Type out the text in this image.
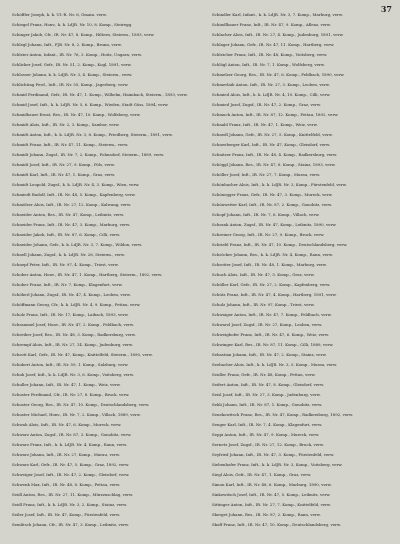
37

Schöffler Joseph, k. k. Ul.-R. Nr. 6, Gmain. verw.

Schiegel Franz, Honv., k. k. LdJR. Nr. 10, 8. Komp., Steiregg.

Schinger Jakob, Cfr., IR. Nr. 47, 8. Komp., Hiltern, Steierm., 1893, verw.

Schlegl Johann, Inft., FJB. Nr. 8, 2. Komp., Brunn, verw.

Schleier Anton, Infant., IR. Nr. 76, 3. Komp., Hoitz, Ungarn, verw.

Schlicker Josef, Gefr., IR. Nr. 51, 2. Komp., Kogl, 1891, verw.

Schlosser Johann, k. k. LdJR. Nr. 3, 4. Komp., Steierm., verw.

Schlichting Ferd., Inft., IR. Nr. 55, Komp., Jagerberg, verw.

Schmid Ferdinand, Gefr., IR. Nr. 47, 1. Komp., Wilhelm, Haimbach, Steierm., 1893, verw.

Schmid Josef, Inft., k. k. LdJR. Nr. 5, 6. Komp., Wieden, Stadt Göss, 1894, verw.

Schmidbauer Ernst, Res., IR. Nr. 47, 10. Komp., Wolfsberg, verw.

Schmidt Alois, Inft., IR. Nr. 2, 3. Komp., Sambor, verw.

Schmidt Anton, Inft., k. k. LdJR. Nr. 3, 8. Komp., Friedberg, Steierm., 1891, verw.

Schmidt Franz, Inft., IR. Nr. 47, 11. Komp., Steierm., verw.

Schmidt Johann, Zugsf., IR. Nr. 7, 2. Komp., Fohnsdorf, Steierm., 1889, verw.

Schmidt Josef, Inft., IR. Nr. 27, 9. Komp., Pöls, verw.

Schmidt Karl, Inft., IR. Nr. 47, 1. Komp., Graz, verw.

Schmidt Leopold, Zugsf., k. k. LdJR. Nr. 4, 3. Komp., Wien, verw.

Schmiedt Rudolf, Inft., IR. Nr. 48, 5. Komp., Kapfenberg, verw.

Schmölzer Alois, Inft., IR. Nr. 27, 12. Komp., Kalwang, verw.

Schneider Anton, Res., IR. Nr. 47, Komp., Leibnitz, verw.

Schneider Franz, Inft., IR. Nr. 47, 3. Komp., Marburg, verw.

Schneider Jakob, Inft., IR. Nr. 87, 6. Komp., Cilli, verw.

Schneider Johann, Gefr., k. k. LdJR. Nr. 3, 7. Komp., Wildon, verw.

Schnell Johann, Zugsf., k. k. LdJR. Nr. 26, Steierm., verw.

Schnepf Peter, Inft., IR. Nr. 97, 4. Komp., Triest, verw.

Schober Anton, Honv., IR. Nr. 47, 1. Komp., Hartberg, Steierm., 1892, verw.

Schober Franz, Inft., IR. Nr. 7, Komp., Klagenfurt, verw.

Schöberl Johann, Zugsf., IR. Nr. 47, 4. Komp., Leoben, verw.

Schöffmann Georg, Cfr., k. k. LdJR. Nr. 4, 9. Komp., Pettau, verw.

Scholz Franz, Inft., IR. Nr. 17, Komp., Laibach, 1893, verw.

Schrammel Josef, Honv., IR. Nr. 47, 2. Komp., Feldbach, verw.

Schreiber Josef, Res., IR. Nr. 48, 3. Komp., Radkersburg, verw.

Schrempf Alois, Inft., IR. Nr. 27, 14. Komp., Judenburg, verw.

Schrott Karl, Gefr., IR. Nr. 47, Komp., Knittelfeld, Steierm., 1890, verw.

Schubert Anton, Inft., IR. Nr. 59, 1. Komp., Salzburg, verw.

Schuh Josef, Inft., k. k. LdJR. Nr. 3, 6. Komp., Voitsberg, verw.

Schuller Johann, Inft., IR. Nr. 47, 1. Komp., Weiz, verw.

Schuster Ferdinand, Cfr., IR. Nr. 27, 8. Komp., Bruck, verw.

Schuster Georg, Res., IR. Nr. 47, 10. Komp., Deutschlandsberg, verw.

Schuster Michael, Honv., IR. Nr. 7, 2. Komp., Villach, 1889, verw.

Schwab Alois, Inft., IR. Nr. 47, 6. Komp., Mureck, verw.

Schwarz Anton, Zugsf., IR. Nr. 87, 3. Komp., Gonobitz, verw.

Schwarz Franz, Inft., k. k. LdJR. Nr. 4, Komp., Rann, verw.

Schwarz Johann, Inft., IR. Nr. 27, Komp., Murau, verw.

Schwarz Karl, Gefr., IR. Nr. 47, 5. Komp., Graz, 1892, verw.

Schweiger Josef, Inft., IR. Nr. 47, 2. Komp., Gleisdorf, verw.

Schwenk Max, Inft., IR. Nr. 48, 8. Komp., Pettau, verw.

Seidl Anton, Res., IR. Nr. 27, 11. Komp., Mürzzuschlag, verw.

Seidl Franz, Inft., k. k. LdJR. Nr. 3, 2. Komp., Stainz, verw.

Seiler Josef, Inft., IR. Nr. 47, Komp., Fürstenfeld, verw.

Semlitsch Johann, Cfr., IR. Nr. 47, 3. Komp., Leibnitz, verw.

Schindler Karl, Infant., k. k. LdJR. Nr. 3, 7. Komp., Marburg, verw.

Schindlbauer Franz, Inft., IR. Nr. 47, 9. Komp., Aflenz, verw.

Schlacher Alois, Inft., IR. Nr. 27, 4. Komp., Judenburg, 1891, verw.

Schlager Johann, Gefr., IR. Nr. 47, 11. Komp., Hartberg, verw.

Schleicher Franz, Inft., IR. Nr. 48, Komp., Voitsberg, verw.

Schlögl Anton, Inft., IR. Nr. 7, 1. Komp., Wolfsberg, verw.

Schmelzer Georg, Res., IR. Nr. 47, 6. Komp., Feldbach, 1890, verw.

Schmerlaib Anton, Inft., IR. Nr. 27, 3. Komp., Leoben, verw.

Schmied Alois, Inft., k. k. LdJR. Nr. 4, 10. Komp., Cilli, verw.

Schmied Josef, Zugsf., IR. Nr. 47, 2. Komp., Graz, verw.

Schmuck Anton, Inft., IR. Nr. 87, 12. Komp., Pettau, 1892, verw.

Schnabl Franz, Inft., IR. Nr. 47, 1. Komp., Weiz, verw.

Schnedl Johann, Gefr., IR. Nr. 27, 5. Komp., Knittelfeld, verw.

Schneeberger Karl, Inft., IR. Nr. 47, Komp., Gleisdorf, verw.

Schnitzer Franz, Inft., IR. Nr. 48, 4. Komp., Radkersburg, verw.

Schöggl Johann, Res., IR. Nr. 47, 8. Komp., Stainz, 1893, verw.

Schöller Josef, Inft., IR. Nr. 27, 7. Komp., Murau, verw.

Schönbacher Alois, Inft., k. k. LdJR. Nr. 3, Komp., Fürstenfeld, verw.

Schönegger Franz, Gefr., IR. Nr. 47, 3. Komp., Mureck, verw.

Schönwetter Karl, Inft., IR. Nr. 87, 2. Komp., Gonobitz, verw.

Schopf Johann, Inft., IR. Nr. 7, 6. Komp., Villach, verw.

Schrank Anton, Zugsf., IR. Nr. 47, Komp., Leibnitz, 1890, verw.

Schreiner Georg, Inft., IR. Nr. 27, 9. Komp., Bruck, verw.

Schriebl Franz, Inft., IR. Nr. 47, 10. Komp., Deutschlandsberg, verw.

Schröcker Johann, Res., k. k. LdJR. Nr. 4, Komp., Rann, verw.

Schrotter Josef, Inft., IR. Nr. 48, 1. Komp., Marburg, verw.

Schuch Alois, Inft., IR. Nr. 47, 5. Komp., Graz, verw.

Schüller Karl, Gefr., IR. Nr. 27, 2. Komp., Kapfenberg, verw.

Schütz Franz, Inft., IR. Nr. 47, 4. Komp., Hartberg, 1891, verw.

Schulz Johann, Inft., IR. Nr. 97, Komp., Triest, verw.

Schwaiger Anton, Inft., IR. Nr. 47, 7. Komp., Feldbach, verw.

Schwarzl Josef, Zugsf., IR. Nr. 27, Komp., Leoben, verw.

Schweighofer Franz, Inft., IR. Nr. 47, 6. Komp., Weiz, verw.

Schwinger Karl, Res., IR. Nr. 87, 11. Komp., Cilli, 1889, verw.

Sebastian Johann, Inft., IR. Nr. 47, 2. Komp., Stainz, verw.

Seebacher Alois, Inft., k. k. LdJR. Nr. 3, 5. Komp., Murau, verw.

Seidler Franz, Gefr., IR. Nr. 48, Komp., Pettau, verw.

Seifert Anton, Inft., IR. Nr. 47, 8. Komp., Gleisdorf, verw.

Seisl Josef, Inft., IR. Nr. 27, 3. Komp., Judenburg, verw.

Sekli Johann, Inft., IR. Nr. 87, 1. Komp., Gonobitz, verw.

Senekowitsch Franz, Res., IR. Nr. 47, Komp., Radkersburg, 1892, verw.

Senger Karl, Inft., IR. Nr. 7, 4. Komp., Klagenfurt, verw.

Seppi Anton, Inft., IR. Nr. 47, 9. Komp., Mureck, verw.

Sernetz Josef, Zugsf., IR. Nr. 27, 12. Komp., Bruck, verw.

Seyfried Johann, Inft., IR. Nr. 47, 3. Komp., Fürstenfeld, verw.

Siebenhofer Franz, Inft., k. k. LdJR. Nr. 3, Komp., Voitsberg, verw.

Siegl Alois, Gefr., IR. Nr. 47, 1. Komp., Graz, verw.

Simon Karl, Inft., IR. Nr. 48, 6. Komp., Marburg, 1890, verw.

Sinkowitsch Josef, Inft., IR. Nr. 47, 5. Komp., Leibnitz, verw.

Sittinger Anton, Inft., IR. Nr. 27, 7. Komp., Knittelfeld, verw.

Skerget Johann, Res., IR. Nr. 87, 2. Komp., Rann, verw.

Skoff Franz, Inft., IR. Nr. 47, 10. Komp., Deutschlandsberg, verw.
